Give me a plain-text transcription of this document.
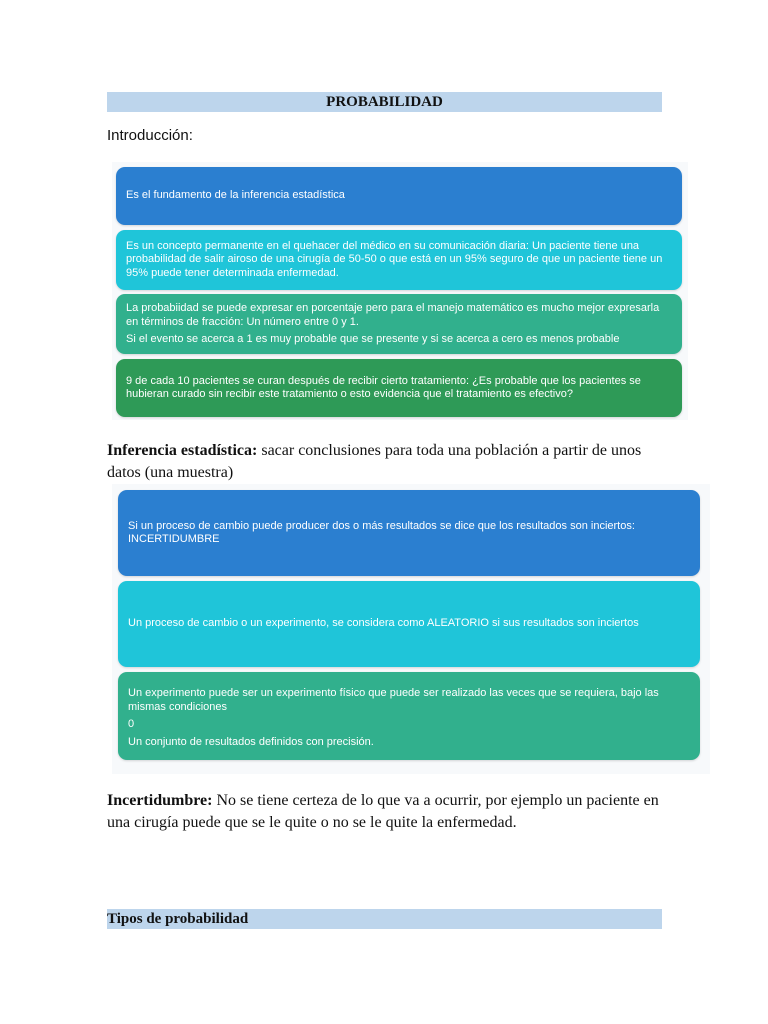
PROBABILIDAD
Introducción:

Es el fundamento de la inferencia estadística

Es un concepto permanente en el quehacer del médico en su comunicación diaria: Un paciente tiene una probabilidad de salir airoso de una cirugía de 50-50 o que está en un 95% seguro de que un paciente tiene un 95% puede tener determinada enfermedad.

La probabiidad se puede expresar en porcentaje pero para el manejo matemático es mucho mejor expresarla en términos de fracción: Un número entre 0 y 1.

Si el evento se acerca a 1 es muy probable que se presente y si se acerca a cero es menos probable

9 de cada 10 pacientes se curan después de recibir cierto tratamiento: ¿Es probable que los pacientes se hubieran curado sin recibir este tratamiento o esto evidencia que el tratamiento es efectivo?

Inferencia estadística: sacar conclusiones para toda una población a partir de unos datos (una muestra)

Si un proceso de cambio puede producer dos o más resultados se dice que los resultados son inciertos: INCERTIDUMBRE

Un proceso de cambio o un experimento, se considera como ALEATORIO si sus resultados son inciertos

Un experimento puede ser un experimento físico que puede ser realizado las veces que se requiera, bajo las mismas condiciones

0

Un conjunto de resultados definidos con precisión.

Incertidumbre: No se tiene certeza de lo que va a ocurrir, por ejemplo un paciente en una cirugía puede que se le quite o no se le quite la enfermedad.
Tipos de probabilidad
